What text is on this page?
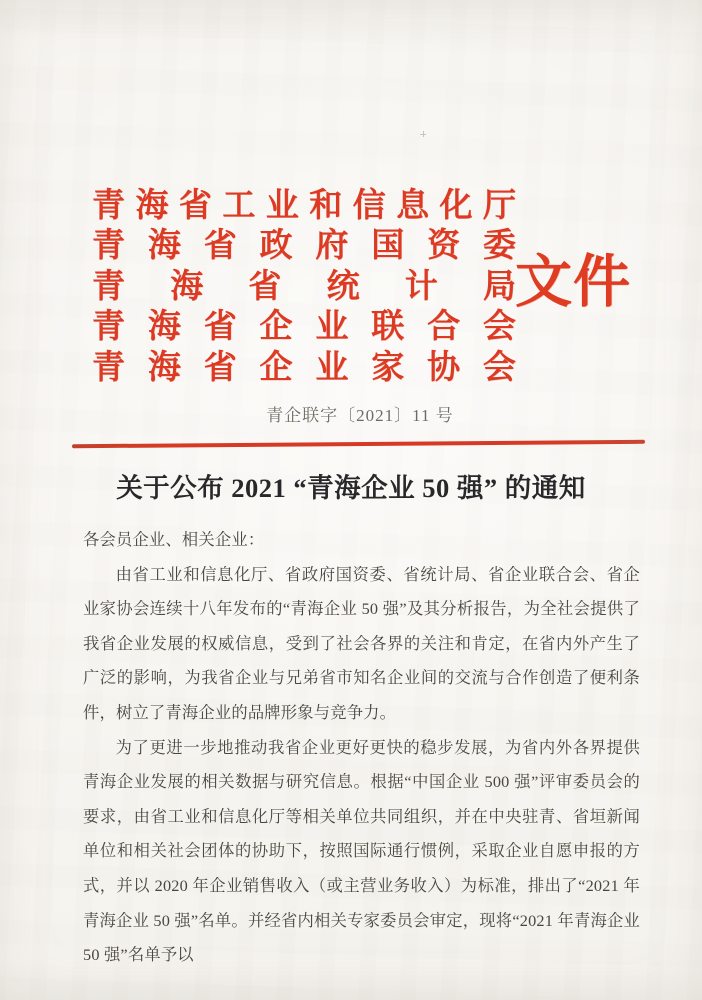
青 海 省 工 业 和 信 息 化 厅
青 海 省 政 府 国 资 委
青 海 省 统 计 局
青 海 省 企 业 联 合 会
青 海 省 企 业 家 协 会
文件
青企联字〔2021〕11 号
关于公布 2021 “青海企业 50 强” 的通知
各会员企业、相关企业：

由省工业和信息化厅、省政府国资委、省统计局、省企业联合会、省企业家协会连续十八年发布的“青海企业 50 强”及其分析报告，为全社会提供了我省企业发展的权威信息，受到了社会各界的关注和肯定，在省内外产生了广泛的影响，为我省企业与兄弟省市知名企业间的交流与合作创造了便利条件，树立了青海企业的品牌形象与竞争力。

为了更进一步地推动我省企业更好更快的稳步发展，为省内外各界提供青海企业发展的相关数据与研究信息。根据“中国企业 500 强”评审委员会的要求，由省工业和信息化厅等相关单位共同组织，并在中央驻青、省垣新闻单位和相关社会团体的协助下，按照国际通行惯例，采取企业自愿申报的方式，并以 2020 年企业销售收入（或主营业务收入）为标准，排出了“2021 年青海企业 50 强”名单。并经省内相关专家委员会审定，现将“2021 年青海企业 50 强”名单予以
